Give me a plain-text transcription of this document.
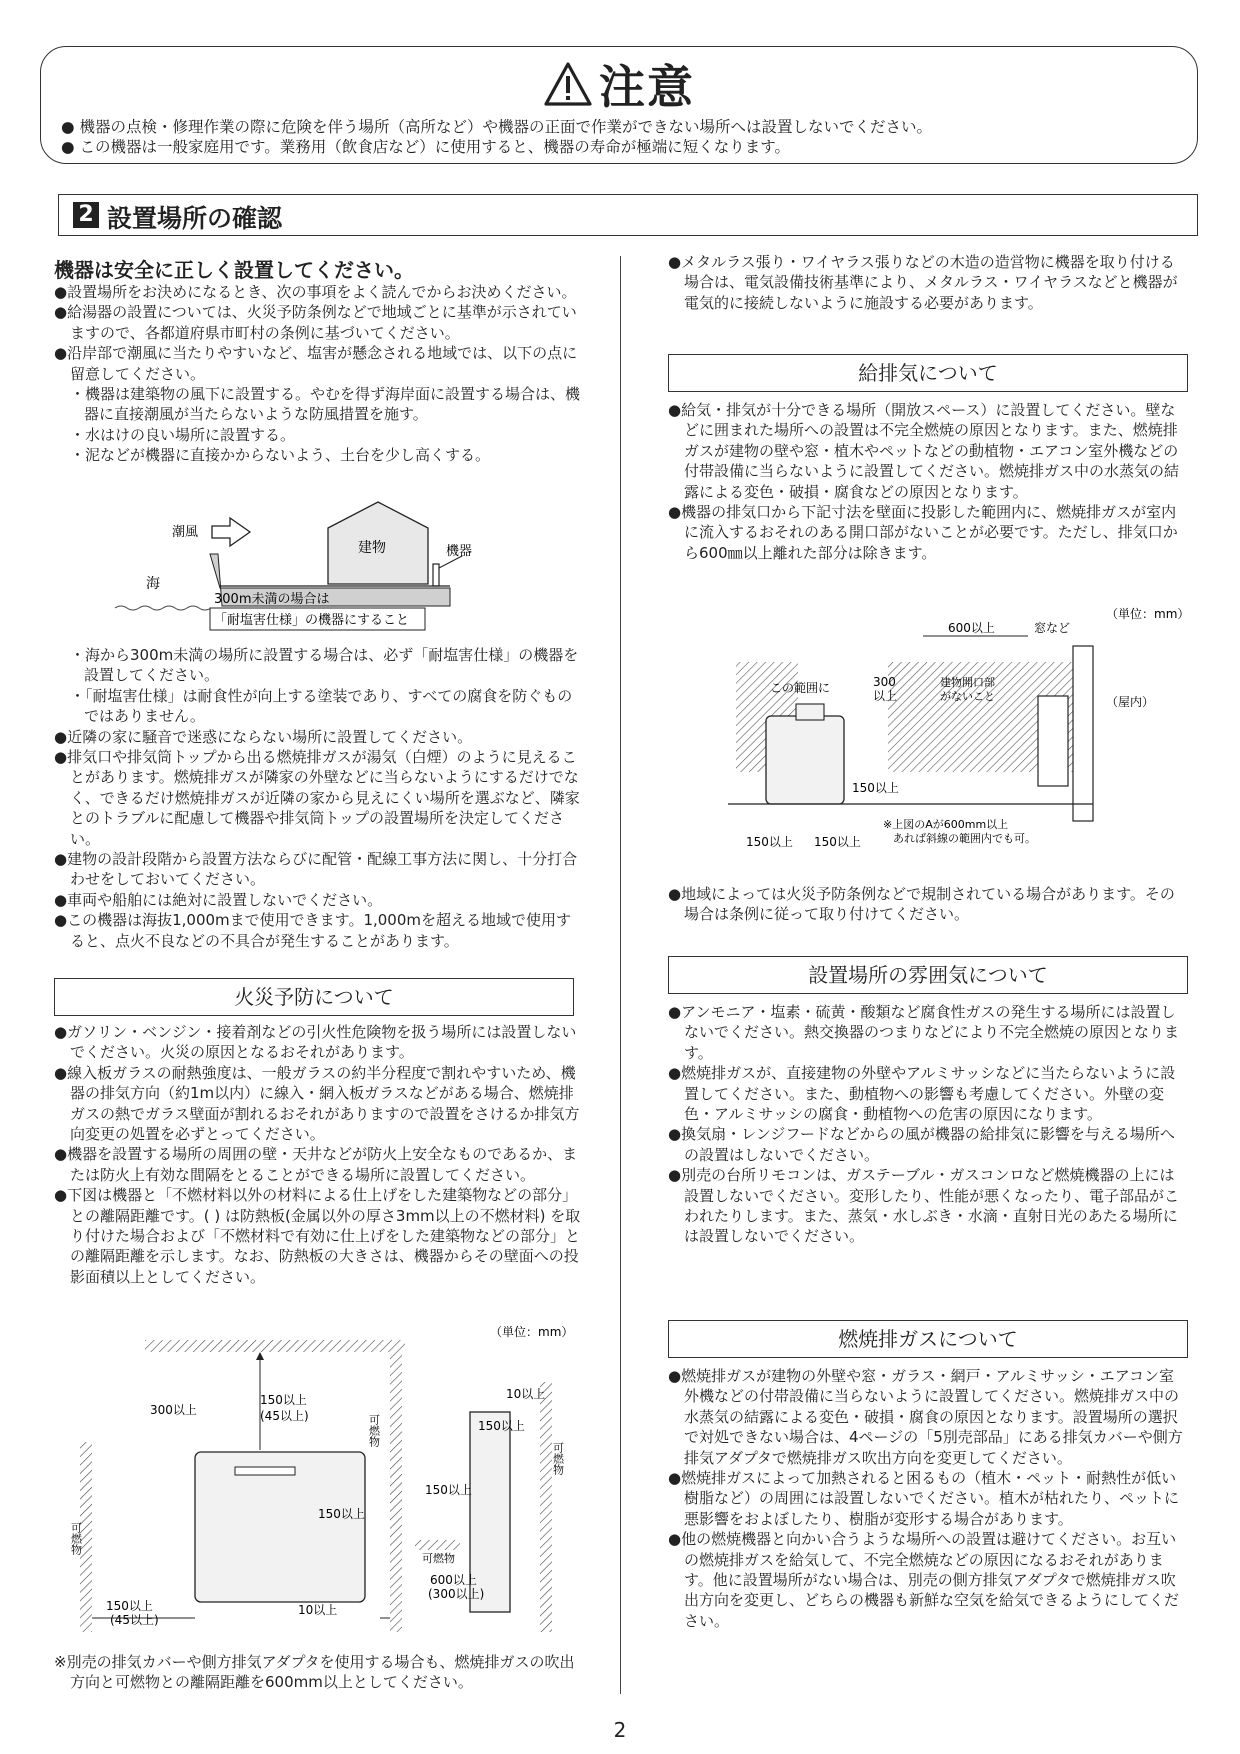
注意
● 機器の点検・修理作業の際に危険を伴う場所（高所など）や機器の正面で作業ができない場所へは設置しないでください。
● この機器は一般家庭用です。業務用（飲食店など）に使用すると、機器の寿命が極端に短くなります。
2 設置場所の確認
機器は安全に正しく設置してください。

●設置場所をお決めになるとき、次の事項をよく読んでからお決めください。

●給湯器の設置については、火災予防条例などで地域ごとに基準が示されていますので、各都道府県市町村の条例に基づいてください。

●沿岸部で潮風に当たりやすいなど、塩害が懸念される地域では、以下の点に留意してください。

・機器は建築物の風下に設置する。やむを得ず海岸面に設置する場合は、機器に直接潮風が当たらないような防風措置を施す。

・水はけの良い場所に設置する。

・泥などが機器に直接かからないよう、土台を少し高くする。

潮風
建物	機器
海
300m未満の場合は
「耐塩害仕様」の機器にすること

・海から300m未満の場所に設置する場合は、必ず「耐塩害仕様」の機器を設置してください。

・「耐塩害仕様」は耐食性が向上する塗装であり、すべての腐食を防ぐものではありません。

●近隣の家に騒音で迷惑にならない場所に設置してください。

●排気口や排気筒トップから出る燃焼排ガスが湯気（白煙）のように見えることがあります。燃焼排ガスが隣家の外壁などに当らないようにするだけでなく、できるだけ燃焼排ガスが近隣の家から見えにくい場所を選ぶなど、隣家とのトラブルに配慮して機器や排気筒トップの設置場所を決定してください。

●建物の設計段階から設置方法ならびに配管・配線工事方法に関し、十分打合わせをしておいてください。

●車両や船舶には絶対に設置しないでください。

●この機器は海抜1,000mまで使用できます。1,000mを超える地域で使用すると、点火不良などの不具合が発生することがあります。

火災予防について

●ガソリン・ベンジン・接着剤などの引火性危険物を扱う場所には設置しないでください。火災の原因となるおそれがあります。

●線入板ガラスの耐熱強度は、一般ガラスの約半分程度で割れやすいため、機器の排気方向（約1m以内）に線入・網入板ガラスなどがある場合、燃焼排ガスの熱でガラス壁面が割れるおそれがありますので設置をさけるか排気方向変更の処置を必ずとってください。

●機器を設置する場所の周囲の壁・天井などが防火上安全なものであるか、または防火上有効な間隔をとることができる場所に設置してください。

●下図は機器と「不燃材料以外の材料による仕上げをした建築物などの部分」との離隔距離です。( ) は防熱板(金属以外の厚さ3mm以上の不燃材料) を取り付けた場合および「不燃材料で有効に仕上げをした建築物などの部分」との離隔距離を示します。なお、防熱板の大きさは、機器からその壁面への投影面積以上としてください。

（単位：mm）
300以上
150以上
(45以上)
150以上
150以上
(45以上)
10以上
可燃物
可燃物
可燃物
10以上
150以上
150以上
600以上
(300以上)
可燃物

※別売の排気カバーや側方排気アダプタを使用する場合も、燃焼排ガスの吹出方向と可燃物との離隔距離を600mm以上としてください。

●メタルラス張り・ワイヤラス張りなどの木造の造営物に機器を取り付ける場合は、電気設備技術基準により、メタルラス・ワイヤラスなどと機器が電気的に接続しないように施設する必要があります。

給排気について

●給気・排気が十分できる場所（開放スペース）に設置してください。壁などに囲まれた場所への設置は不完全燃焼の原因となります。また、燃焼排ガスが建物の壁や窓・植木やペットなどの動植物・エアコン室外機などの付帯設備に当らないように設置してください。燃焼排ガス中の水蒸気の結露による変色・破損・腐食などの原因となります。

●機器の排気口から下記寸法を壁面に投影した範囲内に、燃焼排ガスが室内に流入するおそれのある開口部がないことが必要です。ただし、排気口から600㎜以上離れた部分は除きます。

（単位：mm）
600以上	窓など
この範囲に	300
以上
建物開口部
がないこと	（屋内）
150以上
150以上 150以上
※上図のAが600mm以上
あれば斜線の範囲内でも可。

●地域によっては火災予防条例などで規制されている場合があります。その場合は条例に従って取り付けてください。

設置場所の雰囲気について

●アンモニア・塩素・硫黄・酸類など腐食性ガスの発生する場所には設置しないでください。熱交換器のつまりなどにより不完全燃焼の原因となります。

●燃焼排ガスが、直接建物の外壁やアルミサッシなどに当たらないように設置してください。また、動植物への影響も考慮してください。外壁の変色・アルミサッシの腐食・動植物への危害の原因になります。

●換気扇・レンジフードなどからの風が機器の給排気に影響を与える場所への設置はしないでください。

●別売の台所リモコンは、ガステーブル・ガスコンロなど燃焼機器の上には設置しないでください。変形したり、性能が悪くなったり、電子部品がこわれたりします。また、蒸気・水しぶき・水滴・直射日光のあたる場所には設置しないでください。

燃焼排ガスについて

●燃焼排ガスが建物の外壁や窓・ガラス・網戸・アルミサッシ・エアコン室外機などの付帯設備に当らないように設置してください。燃焼排ガス中の水蒸気の結露による変色・破損・腐食の原因となります。設置場所の選択で対処できない場合は、4ページの「5別売部品」にある排気カバーや側方排気アダプタで燃焼排ガス吹出方向を変更してください。

●燃焼排ガスによって加熱されると困るもの（植木・ペット・耐熱性が低い樹脂など）の周囲には設置しないでください。植木が枯れたり、ペットに悪影響をおよぼしたり、樹脂が変形する場合があります。

●他の燃焼機器と向かい合うような場所への設置は避けてください。お互いの燃焼排ガスを給気して、不完全燃焼などの原因になるおそれがあります。他に設置場所がない場合は、別売の側方排気アダプタで燃焼排ガス吹出方向を変更し、どちらの機器も新鮮な空気を給気できるようにしてください。

2
